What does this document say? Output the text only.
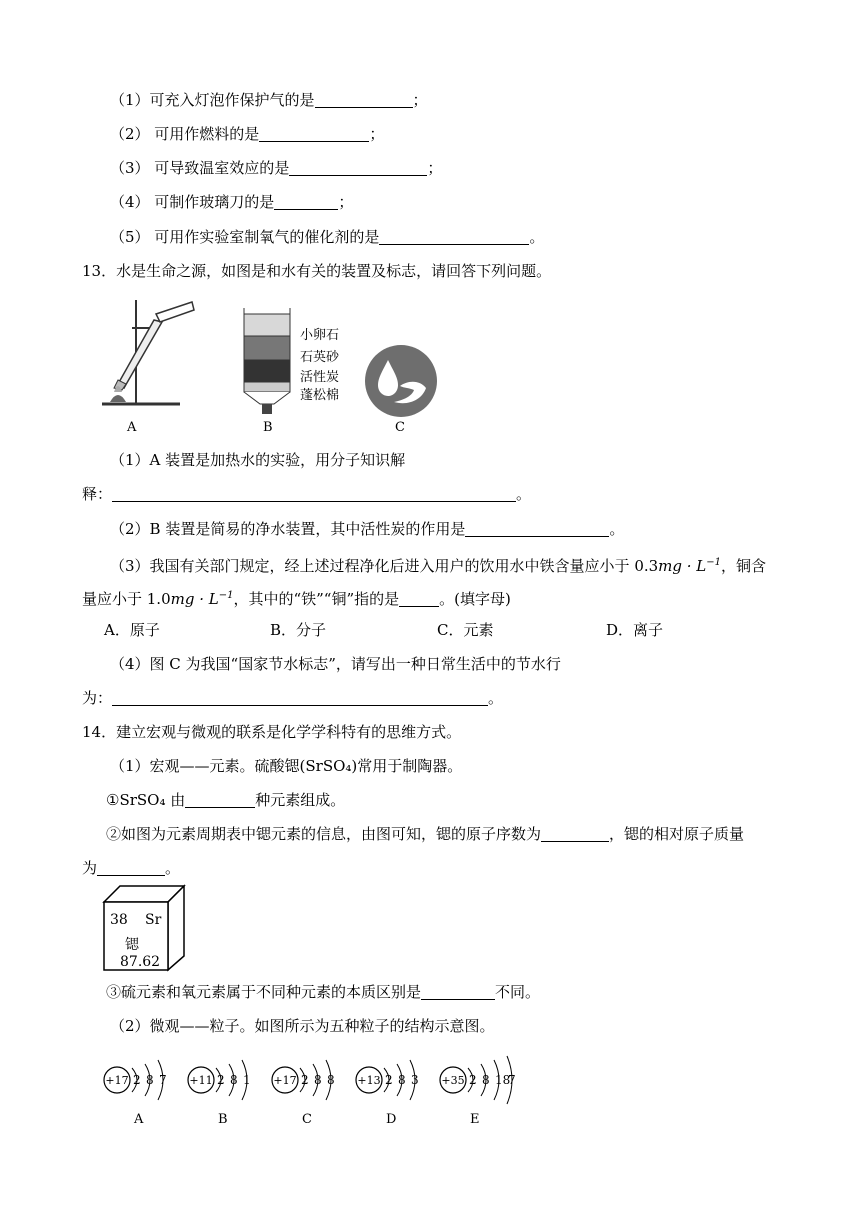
（1）可充入灯泡作保护气的是	；
（2） 可用作燃料的是	；
（3） 可导致温室效应的是	；
（4） 可制作玻璃刀的是	；
（5） 可用作实验室制氧气的催化剂的是	。
13．水是生命之源，如图是和水有关的装置及标志，请回答下列问题。
A
小卵石
石英砂
活性炭
蓬松棉
B	C
（1）A 装置是加热水的实验，用分子知识解
释：	。
（2）B 装置是简易的净水装置，其中活性炭的作用是	。
（3）我国有关部门规定，经上述过程净化后进入用户的饮用水中铁含量应小于 $0.3mg \cdot L^{-1}$，铜含
量应小于 $1.0mg \cdot L^{-1}$，其中的“铁”“铜”指的是	。(填字母)
A．原子	B．分子	C．元素	D．离子
（4）图 C 为我国“国家节水标志”，请写出一种日常生活中的节水行
为：	。
14．建立宏观与微观的联系是化学学科特有的思维方式。
（1）宏观——元素。硫酸锶(SrSO₄)常用于制陶器。
①SrSO₄ 由	种元素组成。
②如图为元素周期表中锶元素的信息，由图可知，锶的原子序数为	，锶的相对原子质量
为	。
38 Sr
锶
87.62
③硫元素和氧元素属于不同种元素的本质区别是	不同。
（2）微观——粒子。如图所示为五种粒子的结构示意图。
+17 2 8 7
A
+11 2 8 1
B
+17 2 8 8
C
+13 2 8 3
D
+35 2 8 18
7
E
